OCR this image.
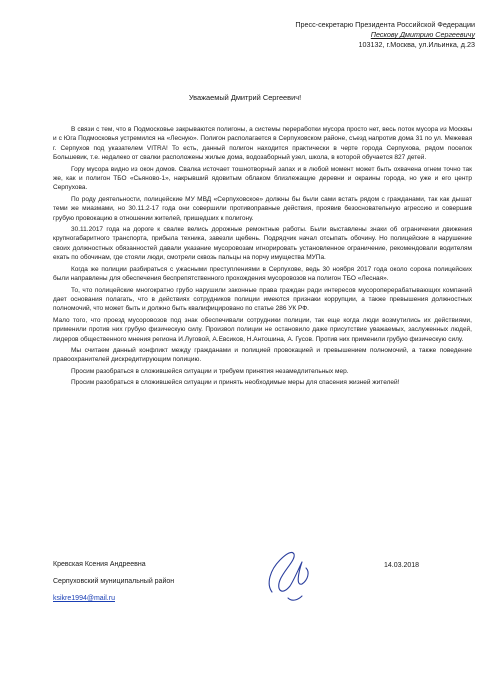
Пресс-секретарю Президента Российской Федерации
Пескову Дмитрию Сергеевичу
103132, г.Москва, ул.Ильинка, д.23
Уважаемый Дмитрий Сергеевич!

В связи с тем, что в Подмосковье закрываются полигоны, а системы переработки мусора просто нет, весь поток мусора из Москвы и с Юга Подмосковья устремился на «Лесную». Полигон располагается в Серпуховском районе, съезд напротив дома 31 по ул. Межевая г. Серпухов под указателем VITRA! То есть, данный полигон находится практически в черте города Серпухова, рядом поселок Большевик, т.е. недалеко от свалки расположены жилые дома, водозаборный узел, школа, в которой обучается 827 детей.

Гору мусора видно из окон домов. Свалка источает тошнотворный запах и в любой момент может быть охвачена огнем точно так же, как и полигон ТБО «Сьяново-1», накрывший ядовитым облаком близлежащие деревни и окраины города, но уже и его центр Серпухова.

По роду деятельности, полицейские МУ МВД «Серпуховское» должны бы были сами встать рядом с гражданами, так как дышат теми же миазмами, но 30.11.2-17 года они совершили противоправные действия, проявив безосновательную агрессию и совершив грубую провокацию в отношении жителей, пришедших к полигону.

30.11.2017 года на дороге к свалке велись дорожные ремонтные работы. Были выставлены знаки об ограничении движения крупногабаритного транспорта, прибыла техника, завезли щебень. Подрядчик начал отсыпать обочину. Но полицейские в нарушение своих должностных обязанностей давали указание мусоровозам игнорировать установленное ограничение, рекомендовали водителям ехать по обочинам, где стояли люди, смотрели сквозь пальцы на порчу имущества МУПа.

Когда же полиции разбираться с ужасными преступлениями в Серпухове, ведь 30 ноября 2017 года около сорока полицейских были направлены для обеспечения беспрепятственного прохождения мусоровозов на полигон ТБО «Лесная».

То, что полицейские многократно грубо нарушили законные права граждан ради интересов мусороперерабатывающих компаний дает основания полагать, что в действиях сотрудников полиции имеются признаки коррупции, а также превышения должностных полномочий, что может быть и должно быть квалифицировано по статье 286 УК РФ.

Мало того, что проезд мусоровозов под знак обеспечивали сотрудники полиции, так еще когда люди возмутились их действиями, применили против них грубую физическую силу. Произвол полиции не остановило даже присутствие уважаемых, заслуженных людей, лидеров общественного мнения региона И.Луговой, А.Евсиков, Н.Антошина, А. Гусов. Против них применили грубую физическую силу.

Мы считаем данный конфликт между гражданами и полицией провокацией и превышением полномочий, а также поведение правоохранителей дискредитирующим полицию.

Просим разобраться в сложившейся ситуации и требуем принятия незамедлительных мер.

Просим разобраться в сложившейся ситуации и принять необходимые меры для спасения жизней жителей!

Кревская Ксения Андреевна
Серпуховский муниципальный район
ksikre1994@mail.ru
14.03.2018
